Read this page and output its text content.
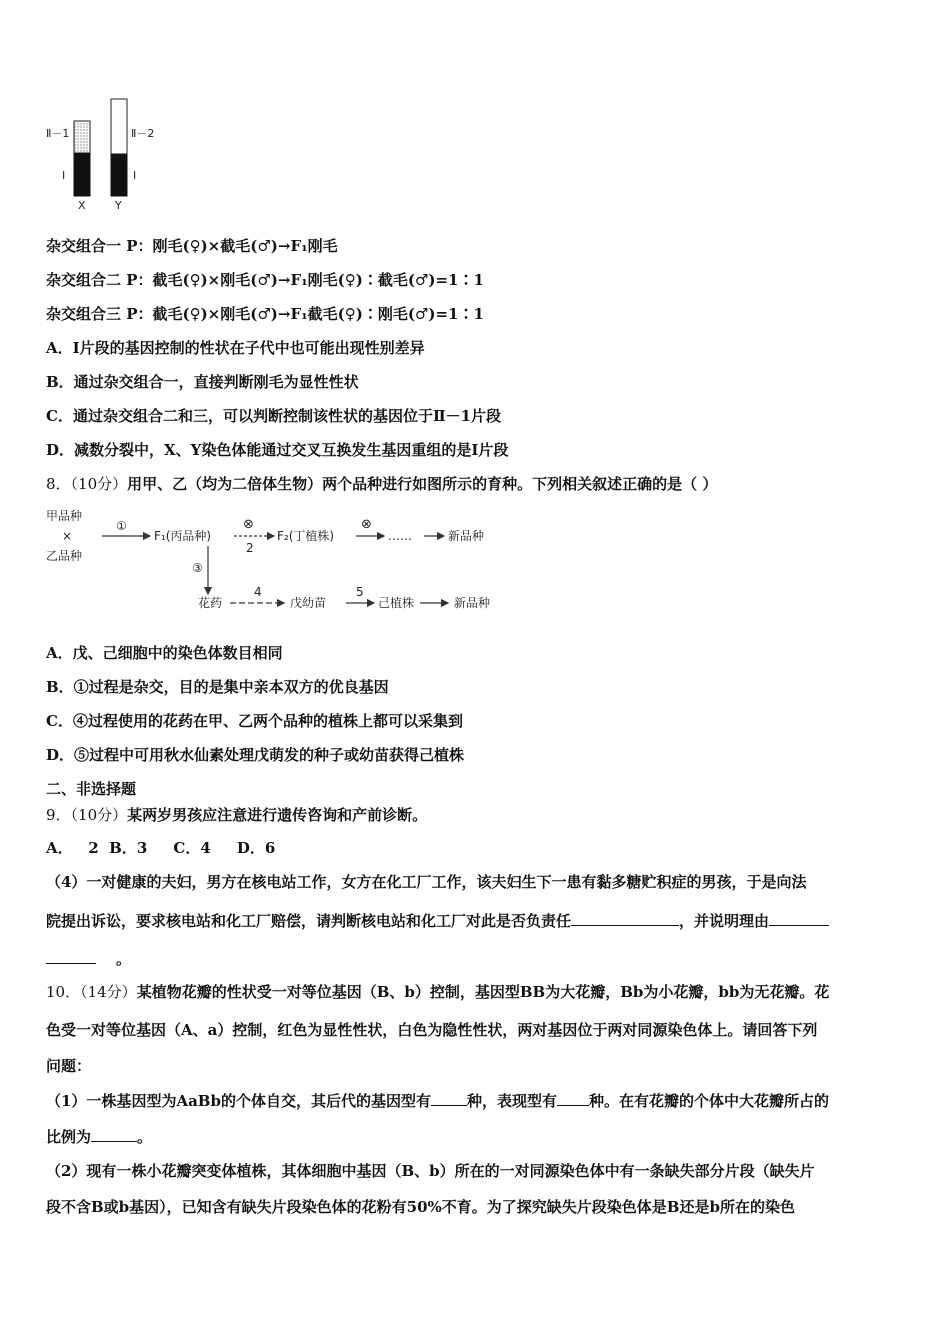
Ⅱ－1	Ⅱ－2
Ⅰ	Ⅰ
X	Y
杂交组合一 P：刚毛(♀)×截毛(♂)→F₁刚毛
杂交组合二 P：截毛(♀)×刚毛(♂)→F₁刚毛(♀)∶截毛(♂)=1∶1
杂交组合三 P：截毛(♀)×刚毛(♂)→F₁截毛(♀)∶刚毛(♂)=1∶1
A．Ⅰ片段的基因控制的性状在子代中也可能出现性别差异
B．通过杂交组合一，直接判断刚毛为显性性状
C．通过杂交组合二和三，可以判断控制该性状的基因位于Ⅱ－1片段
D．减数分裂中，X、Y染色体能通过交叉互换发生基因重组的是Ⅰ片段
8．（10分）用甲、乙（均为二倍体生物）两个品种进行如图所示的育种。下列相关叙述正确的是（ ）
甲品种
×
乙品种
①
F₁(丙品种)
⊗
2
F₂(丁植株)
⊗
……	新品种
③
花药
4
戊幼苗
5
己植株	新品种
A．戊、己细胞中的染色体数目相同
B．①过程是杂交，目的是集中亲本双方的优良基因
C．④过程使用的花药在甲、乙两个品种的植株上都可以采集到
D．⑤过程中可用秋水仙素处理戊萌发的种子或幼苗获得己植株
二、非选择题
9．（10分）某两岁男孩应注意进行遗传咨询和产前诊断。
A．   2  B．3     C．4     D．6
（4）一对健康的夫妇，男方在核电站工作，女方在化工厂工作，该夫妇生下一患有黏多糖贮积症的男孩，于是向法
院提出诉讼，要求核电站和化工厂赔偿，请判断核电站和化工厂对此是否负责任	，并说明理由
。
10．（14分）某植物花瓣的性状受一对等位基因（B、b）控制，基因型BB为大花瓣，Bb为小花瓣，bb为无花瓣。花
色受一对等位基因（A、a）控制，红色为显性性状，白色为隐性性状，两对基因位于两对同源染色体上。请回答下列
问题：
（1）一株基因型为AaBb的个体自交，其后代的基因型有 种，表现型有 种。在有花瓣的个体中大花瓣所占的
比例为	。
（2）现有一株小花瓣突变体植株，其体细胞中基因（B、b）所在的一对同源染色体中有一条缺失部分片段（缺失片
段不含B或b基因），已知含有缺失片段染色体的花粉有50%不育。为了探究缺失片段染色体是B还是b所在的染色
